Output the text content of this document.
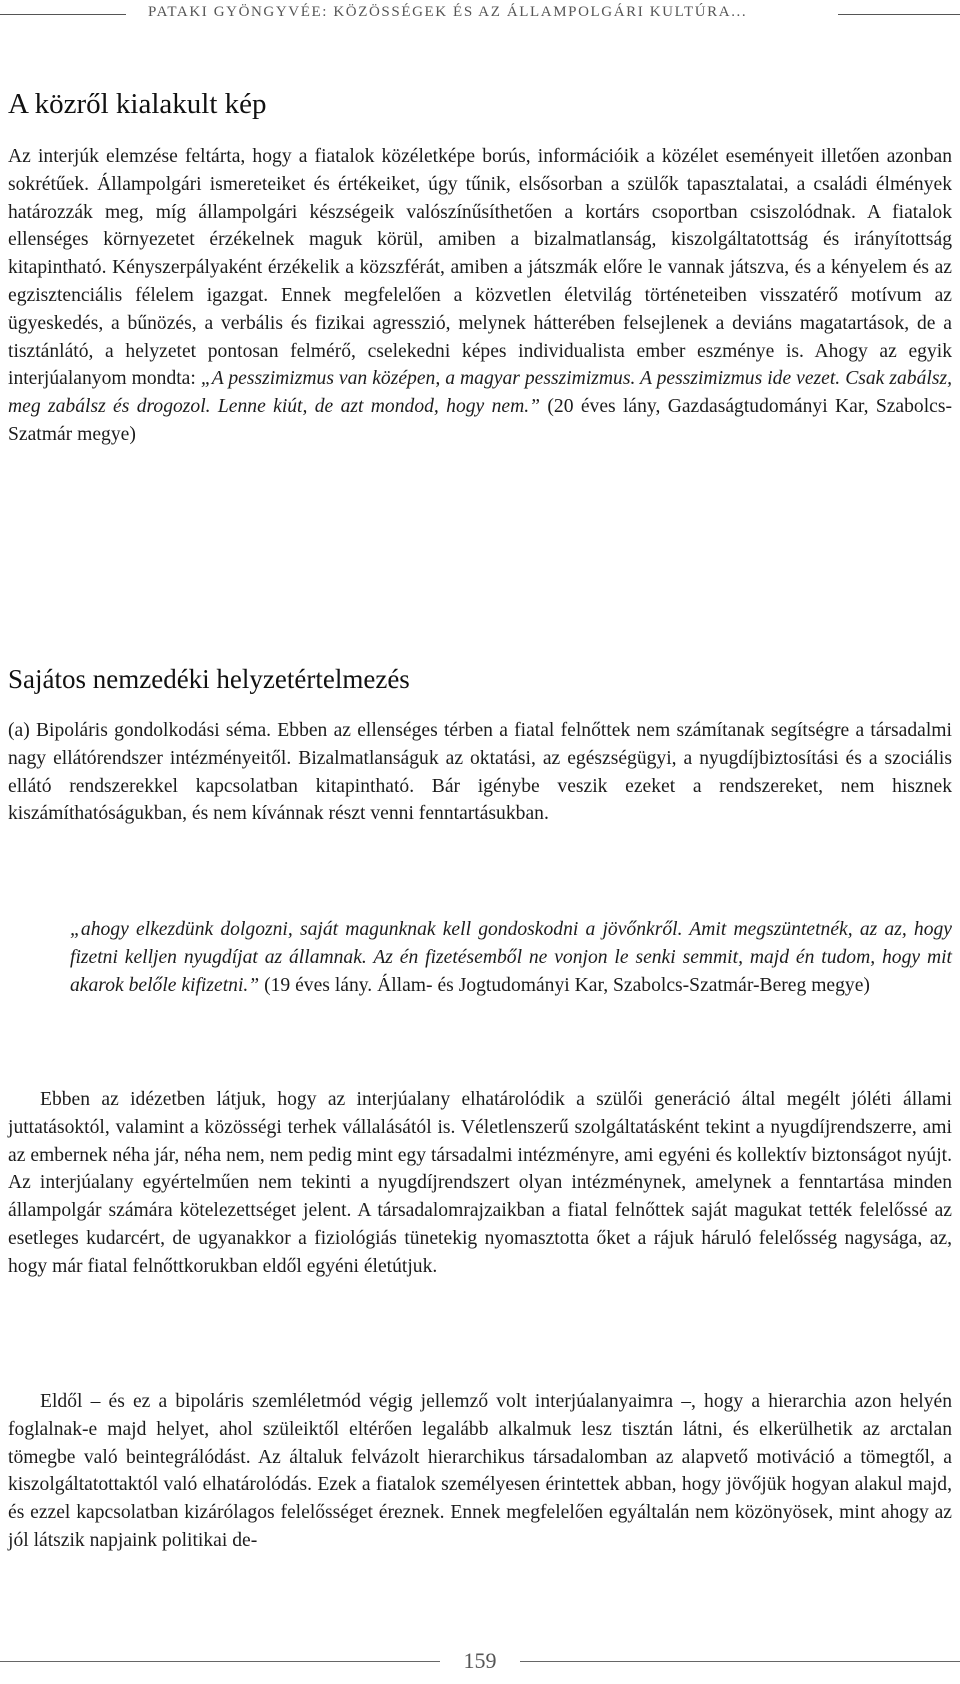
PATAKI GYÖNGYVÉE: KÖZÖSSÉGEK ÉS AZ ÁLLAMPOLGÁRI KULTÚRA...
A közről kialakult kép

Az interjúk elemzése feltárta, hogy a fiatalok közéletképe borús, információik a közélet eseményeit illetően azonban sokrétűek. Állampolgári ismereteiket és értékeiket, úgy tűnik, elsősorban a szülők tapasztalatai, a családi élmények határozzák meg, míg állampolgári készségeik valószínűsíthetően a kortárs csoportban csiszolódnak. A fiatalok ellenséges környezetet érzékelnek maguk körül, amiben a bizalmatlanság, kiszolgáltatottság és irányítottság kitapintható. Kényszerpályaként érzékelik a közszférát, amiben a játszmák előre le vannak játszva, és a kényelem és az egzisztenciális félelem igazgat. Ennek megfelelően a közvetlen életvilág történeteiben visszatérő motívum az ügyeskedés, a bűnözés, a verbális és fizikai agresszió, melynek hátterében felsejlenek a deviáns magatartások, de a tisztánlátó, a helyzetet pontosan felmérő, cselekedni képes individualista ember eszménye is. Ahogy az egyik interjúalanyom mondta: „A pesszimizmus van középen, a magyar pesszimizmus. A pesszimizmus ide vezet. Csak zabálsz, meg zabálsz és drogozol. Lenne kiút, de azt mondod, hogy nem.” (20 éves lány, Gazdaságtudományi Kar, Szabolcs-Szatmár megye)

Sajátos nemzedéki helyzetértelmezés

(a) Bipoláris gondolkodási séma. Ebben az ellenséges térben a fiatal felnőttek nem számítanak segítségre a társadalmi nagy ellátórendszer intézményeitől. Bizalmatlanságuk az oktatási, az egészségügyi, a nyugdíjbiztosítási és a szociális ellátó rendszerekkel kapcsolatban kitapintható. Bár igénybe veszik ezeket a rendszereket, nem hisznek kiszámíthatóságukban, és nem kívánnak részt venni fenntartásukban.

„ahogy elkezdünk dolgozni, saját magunknak kell gondoskodni a jövőnkről. Amit megszüntetnék, az az, hogy fizetni kelljen nyugdíjat az államnak. Az én fizetésemből ne vonjon le senki semmit, majd én tudom, hogy mit akarok belőle kifizetni.” (19 éves lány. Állam- és Jogtudományi Kar, Szabolcs-Szatmár-Bereg megye)

Ebben az idézetben látjuk, hogy az interjúalany elhatárolódik a szülői generáció által megélt jóléti állami juttatásoktól, valamint a közösségi terhek vállalásától is. Véletlenszerű szolgáltatásként tekint a nyugdíjrendszerre, ami az embernek néha jár, néha nem, nem pedig mint egy társadalmi intézményre, ami egyéni és kollektív biztonságot nyújt. Az interjúalany egyértelműen nem tekinti a nyugdíjrendszert olyan intézménynek, amelynek a fenntartása minden állampolgár számára kötelezettséget jelent. A társadalomrajzaikban a fiatal felnőttek saját magukat tették felelőssé az esetleges kudarcért, de ugyanakkor a fiziológiás tünetekig nyomasztotta őket a rájuk háruló felelősség nagysága, az, hogy már fiatal felnőttkorukban eldől egyéni életútjuk.

Eldől – és ez a bipoláris szemléletmód végig jellemző volt interjúalanyaimra –, hogy a hierarchia azon helyén foglalnak-e majd helyet, ahol szüleiktől eltérően legalább alkalmuk lesz tisztán látni, és elkerülhetik az arctalan tömegbe való beintegrálódást. Az általuk felvázolt hierarchikus társadalomban az alapvető motiváció a tömegtől, a kiszolgáltatottaktól való elhatárolódás. Ezek a fiatalok személyesen érintettek abban, hogy jövőjük hogyan alakul majd, és ezzel kapcsolatban kizárólagos felelősséget éreznek. Ennek megfelelően egyáltalán nem közönyösek, mint ahogy az jól látszik napjaink politikai de-

159
